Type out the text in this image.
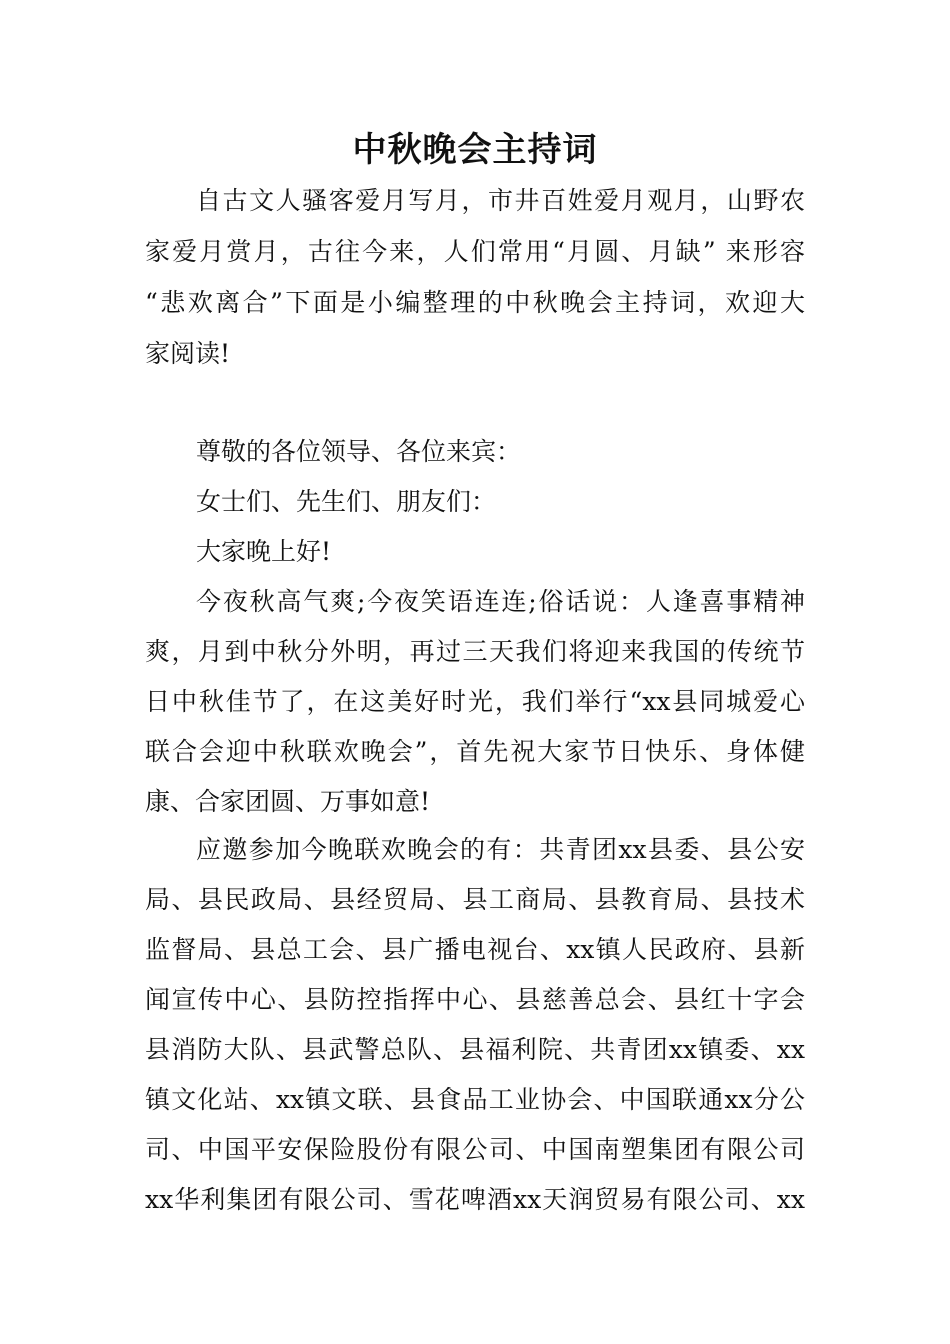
中秋晚会主持词
自古文人骚客爱月写月，市井百姓爱月观月，山野农
家爱月赏月，古往今来，人们常用“月圆、月缺” 来形容
“悲欢离合”下面是小编整理的中秋晚会主持词，欢迎大
家阅读!
尊敬的各位领导、各位来宾：
女士们、先生们、朋友们：
大家晚上好!
今夜秋高气爽;今夜笑语连连;俗话说：人逢喜事精神
爽，月到中秋分外明，再过三天我们将迎来我国的传统节
日中秋佳节了，在这美好时光，我们举行“xx县同城爱心
联合会迎中秋联欢晚会”，首先祝大家节日快乐、身体健
康、合家团圆、万事如意!
应邀参加今晚联欢晚会的有：共青团xx县委、县公安
局、县民政局、县经贸局、县工商局、县教育局、县技术
监督局、县总工会、县广播电视台、xx镇人民政府、县新
闻宣传中心、县防控指挥中心、县慈善总会、县红十字会
县消防大队、县武警总队、县福利院、共青团xx镇委、xx
镇文化站、xx镇文联、县食品工业协会、中国联通xx分公
司、中国平安保险股份有限公司、中国南塑集团有限公司
xx华利集团有限公司、雪花啤酒xx天润贸易有限公司、xx
